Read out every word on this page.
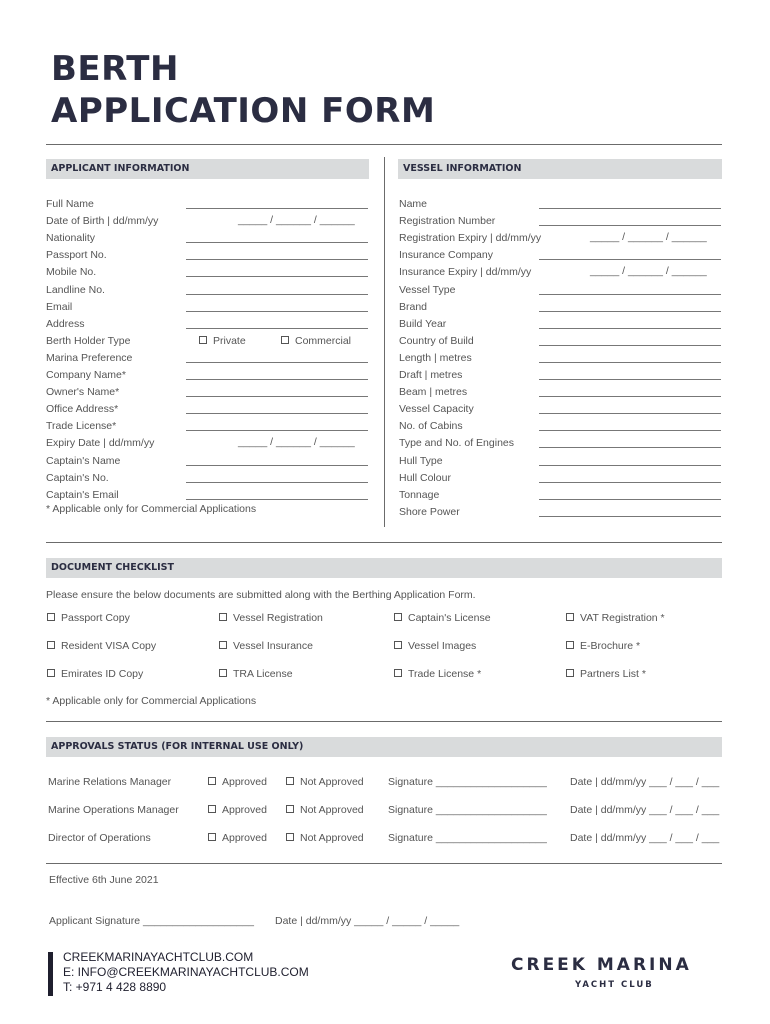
BERTH
APPLICATION FORM
APPLICANT INFORMATION	VESSEL INFORMATION
Full Name
Date of Birth | dd/mm/yy	_____ / ______ / ______
Nationality
Passport No.
Mobile No.
Landline No.
Email
Address
Berth Holder Type	Private	Commercial
Marina Preference
Company Name*
Owner's Name*
Office Address*
Trade License*
Expiry Date | dd/mm/yy	_____ / ______ / ______
Captain's Name
Captain's No.
Captain's Email
Name
Registration Number
Registration Expiry | dd/mm/yy	_____ / ______ / ______
Insurance Company
Insurance Expiry | dd/mm/yy	_____ / ______ / ______
Vessel Type
Brand
Build Year
Country of Build
Length | metres
Draft | metres
Beam | metres
Vessel Capacity
No. of Cabins
Type and No. of Engines
Hull Type
Hull Colour
Tonnage
Shore Power
* Applicable only for Commercial Applications
DOCUMENT CHECKLIST
Please ensure the below documents are submitted along with the Berthing Application Form.
Passport Copy	Vessel Registration	Captain's License	VAT Registration *
Resident VISA Copy	Vessel Insurance	Vessel Images	E-Brochure *
Emirates ID Copy	TRA License	Trade License *	Partners List *
* Applicable only for Commercial Applications
APPROVALS STATUS (FOR INTERNAL USE ONLY)
Marine Relations Manager	Approved	Not Approved Signature ___________________ Date | dd/mm/yy ___ / ___ / ___
Marine Operations Manager	Approved	Not Approved Signature ___________________ Date | dd/mm/yy ___ / ___ / ___
Director of Operations	Approved	Not Approved Signature ___________________ Date | dd/mm/yy ___ / ___ / ___
Effective 6th June 2021
Applicant Signature ___________________ Date | dd/mm/yy _____ / _____ / _____
CREEKMARINAYACHTCLUB.COM
E: INFO@CREEKMARINAYACHTCLUB.COM
T: +971 4 428 8890
CREEK MARINA
YACHT CLUB
